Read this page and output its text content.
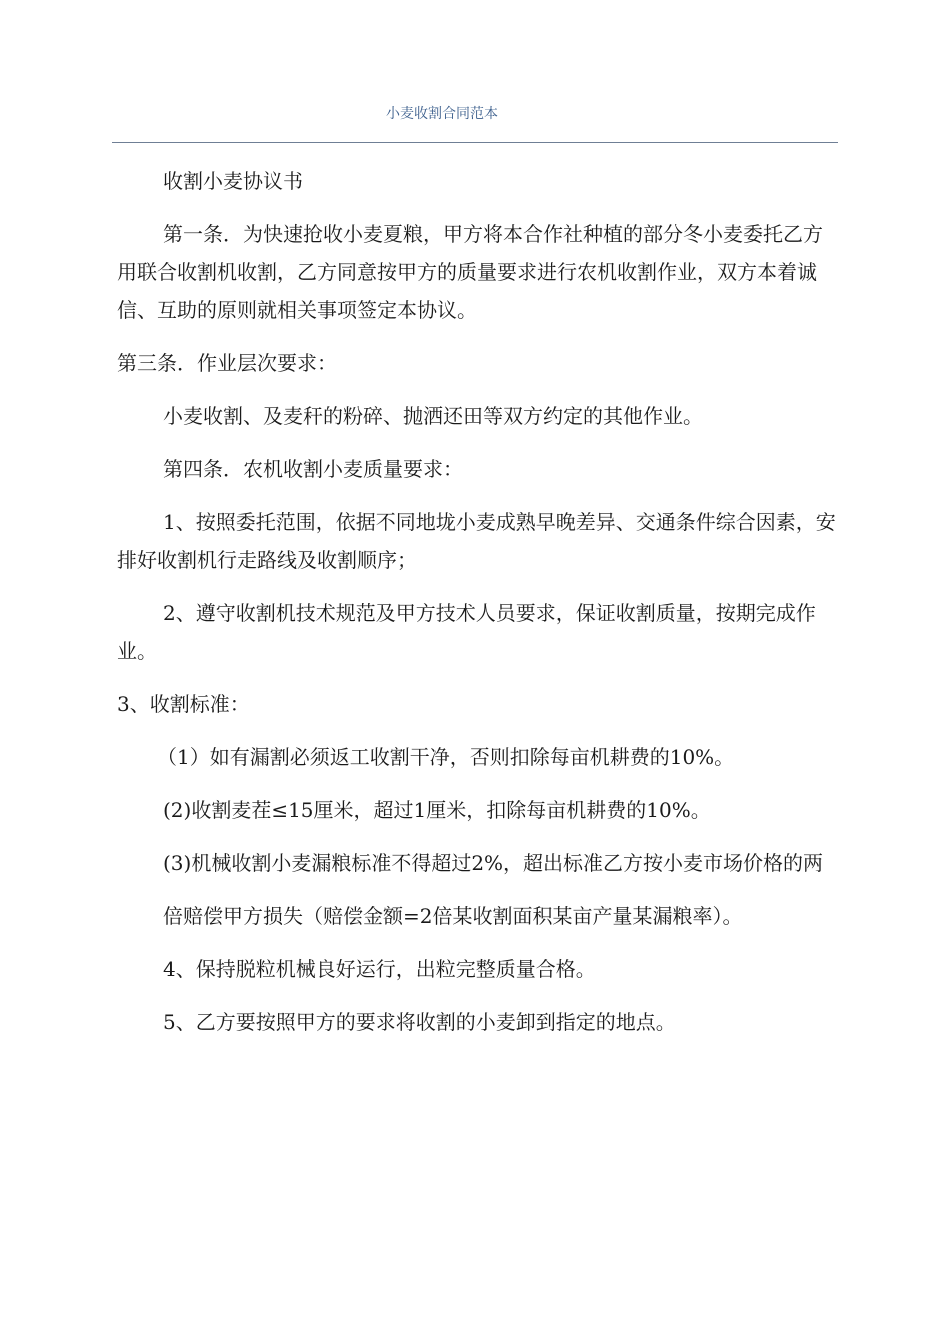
小麦收割合同范本

收割小麦协议书

第一条．为快速抢收小麦夏粮，甲方将本合作社种植的部分冬小麦委托乙方用联合收割机收割，乙方同意按甲方的质量要求进行农机收割作业，双方本着诚信、互助的原则就相关事项签定本协议。

第三条．作业层次要求：

小麦收割、及麦秆的粉碎、抛洒还田等双方约定的其他作业。

第四条．农机收割小麦质量要求：

1、按照委托范围，依据不同地垅小麦成熟早晚差异、交通条件综合因素，安排好收割机行走路线及收割顺序；

2、遵守收割机技术规范及甲方技术人员要求，保证收割质量，按期完成作业。

3、收割标准：

（1）如有漏割必须返工收割干净，否则扣除每亩机耕费的10%。

(2)收割麦茬≤15厘米，超过1厘米，扣除每亩机耕费的10%。

(3)机械收割小麦漏粮标准不得超过2%，超出标准乙方按小麦市场价格的两

倍赔偿甲方损失（赔偿金额=2倍某收割面积某亩产量某漏粮率）。

4、保持脱粒机械良好运行，出粒完整质量合格。

5、乙方要按照甲方的要求将收割的小麦卸到指定的地点。
